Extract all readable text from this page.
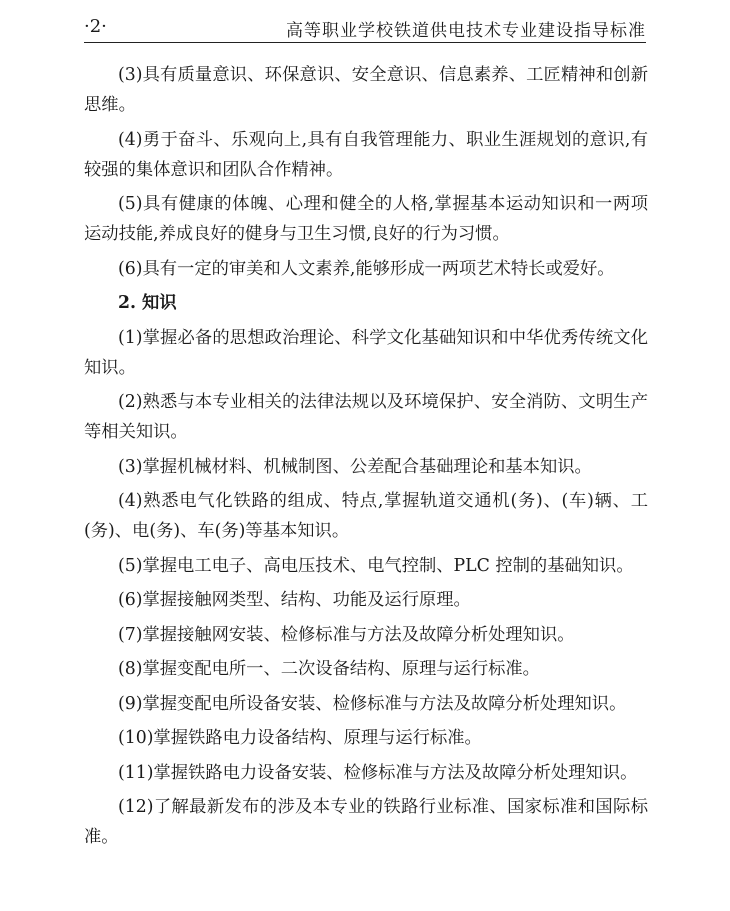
·2·	高等职业学校铁道供电技术专业建设指导标准

(3)具有质量意识、环保意识、安全意识、信息素养、工匠精神和创新思维。

(4)勇于奋斗、乐观向上,具有自我管理能力、职业生涯规划的意识,有较强的集体意识和团队合作精神。

(5)具有健康的体魄、心理和健全的人格,掌握基本运动知识和一两项运动技能,养成良好的健身与卫生习惯,良好的行为习惯。

(6)具有一定的审美和人文素养,能够形成一两项艺术特长或爱好。

2. 知识

(1)掌握必备的思想政治理论、科学文化基础知识和中华优秀传统文化知识。

(2)熟悉与本专业相关的法律法规以及环境保护、安全消防、文明生产等相关知识。

(3)掌握机械材料、机械制图、公差配合基础理论和基本知识。

(4)熟悉电气化铁路的组成、特点,掌握轨道交通机(务)、(车)辆、工(务)、电(务)、车(务)等基本知识。

(5)掌握电工电子、高电压技术、电气控制、PLC 控制的基础知识。

(6)掌握接触网类型、结构、功能及运行原理。

(7)掌握接触网安装、检修标准与方法及故障分析处理知识。

(8)掌握变配电所一、二次设备结构、原理与运行标准。

(9)掌握变配电所设备安装、检修标准与方法及故障分析处理知识。

(10)掌握铁路电力设备结构、原理与运行标准。

(11)掌握铁路电力设备安装、检修标准与方法及故障分析处理知识。

(12)了解最新发布的涉及本专业的铁路行业标准、国家标准和国际标准。
